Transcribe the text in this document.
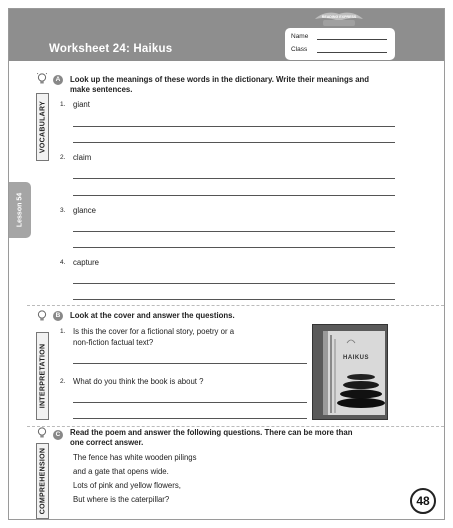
Worksheet 24: Haikus
READING EXPRESS
Name
Class
Lesson 54
VOCABULARY
A	Look up the meanings of these words in the dictionary. Write their meanings and make sentences.
1. giant
2. claim
3. glance
4. capture
INTERPRETATION
B	Look at the cover and answer the questions.
1. Is this the cover for a fictional story, poetry or a
non-fiction factual text?
2. What do you think the book is about ?
HAIKUS
COMPREHENSION
C	Read the poem and answer the following questions. There can be more than
one correct answer.
The fence has white wooden pilings
and a gate that opens wide.
Lots of pink and yellow flowers,
But where is the caterpillar?	48
